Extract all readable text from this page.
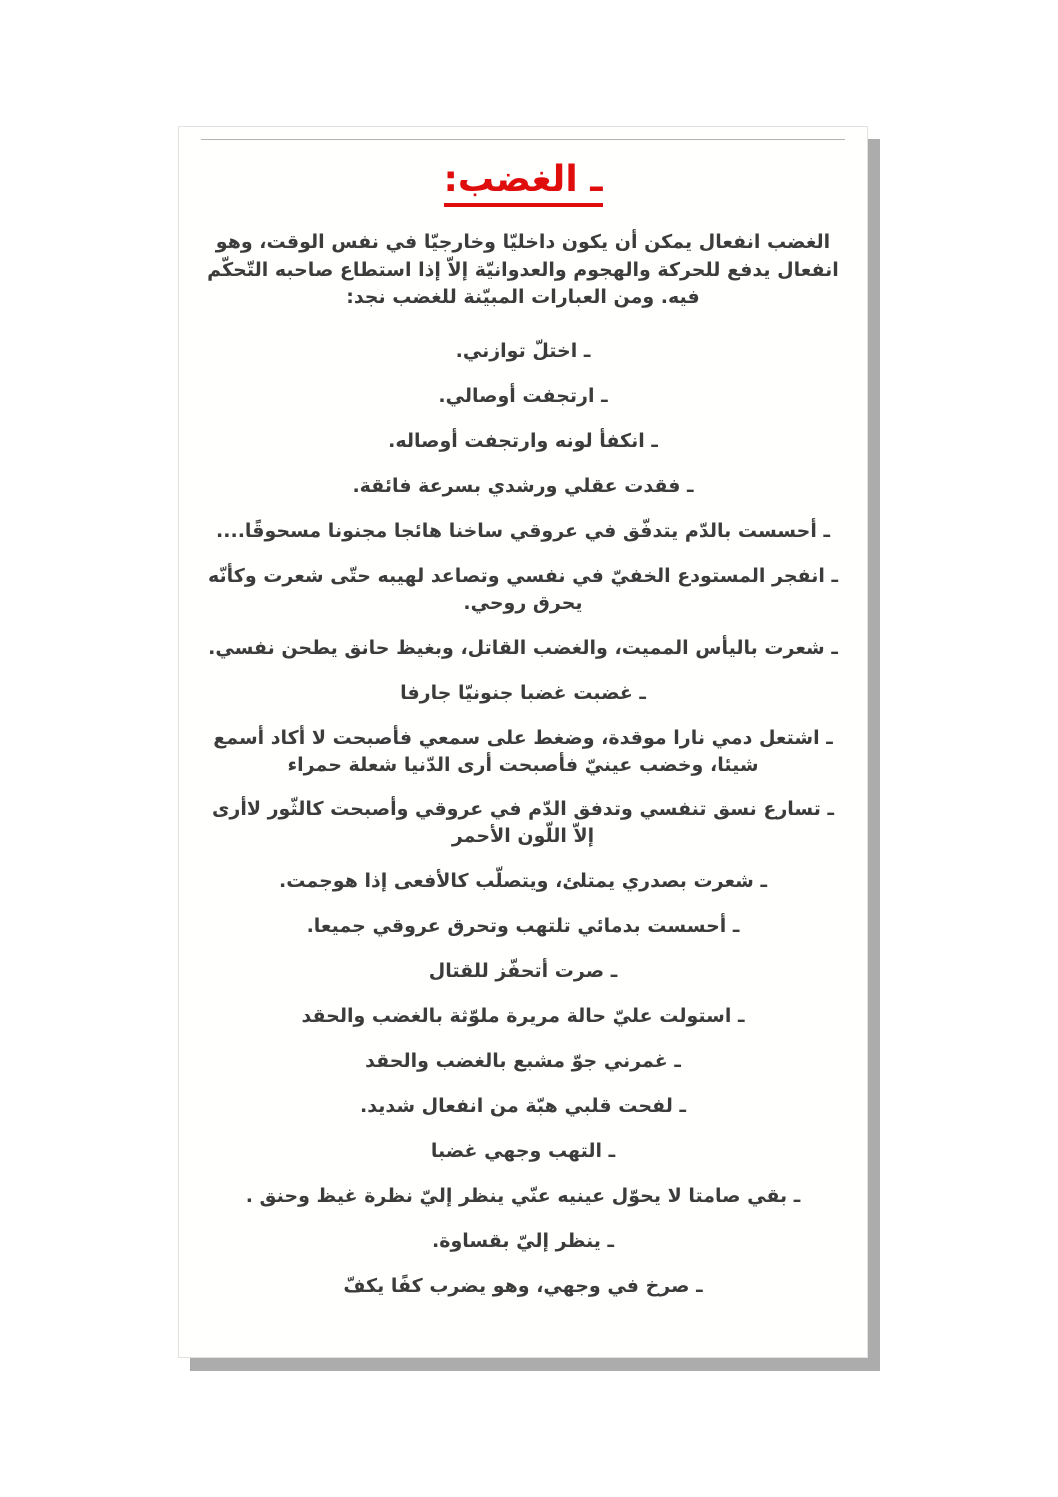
ـ الغضب:

الغضب انفعال يمكن أن يكون داخليّا وخارجيّا في نفس الوقت، وهو انفعال يدفع للحركة والهجوم والعدوانيّة إلاّ إذا استطاع صاحبه التّحكّم فيه. ومن العبارات المبيّنة للغضب نجد:

ـ اختلّ توازني.

ـ ارتجفت أوصالي.

ـ انكفأ لونه وارتجفت أوصاله.

ـ فقدت عقلي ورشدي بسرعة فائقة.

ـ أحسست بالدّم يتدفّق في عروقي ساخنا هائجا مجنونا مسحوقًا....

ـ انفجر المستودع الخفيّ في نفسي وتصاعد لهيبه حتّى شعرت وكأنّه يحرق روحي.

ـ شعرت باليأس المميت، والغضب القاتل، وبغيظ حانق يطحن نفسي.

ـ غضبت غضبا جنونيّا جارفا

ـ اشتعل دمي نارا موقدة، وضغط على سمعي فأصبحت لا أكاد أسمع شيئا، وخضب عينيّ فأصبحت أرى الدّنيا شعلة حمراء

ـ تسارع نسق تنفسي وتدفق الدّم في عروقي وأصبحت كالثّور لاأرى إلاّ اللّون الأحمر

ـ شعرت بصدري يمتلئ، ويتصلّب كالأفعى إذا هوجمت.

ـ أحسست بدمائي تلتهب وتحرق عروقي جميعا.

ـ صرت أتحفّز للقتال

ـ استولت عليّ حالة مريرة ملوّثة بالغضب والحقد

ـ غمرني جوّ مشبع بالغضب والحقد

ـ لفحت قلبي هبّة من انفعال شديد.

ـ التهب وجهي غضبا

ـ بقي صامتا لا يحوّل عينيه عنّي ينظر إليّ نظرة غيظ وحنق .

ـ ينظر إليّ بقساوة.

ـ صرخ في وجهي، وهو يضرب كفًا يكفّ
